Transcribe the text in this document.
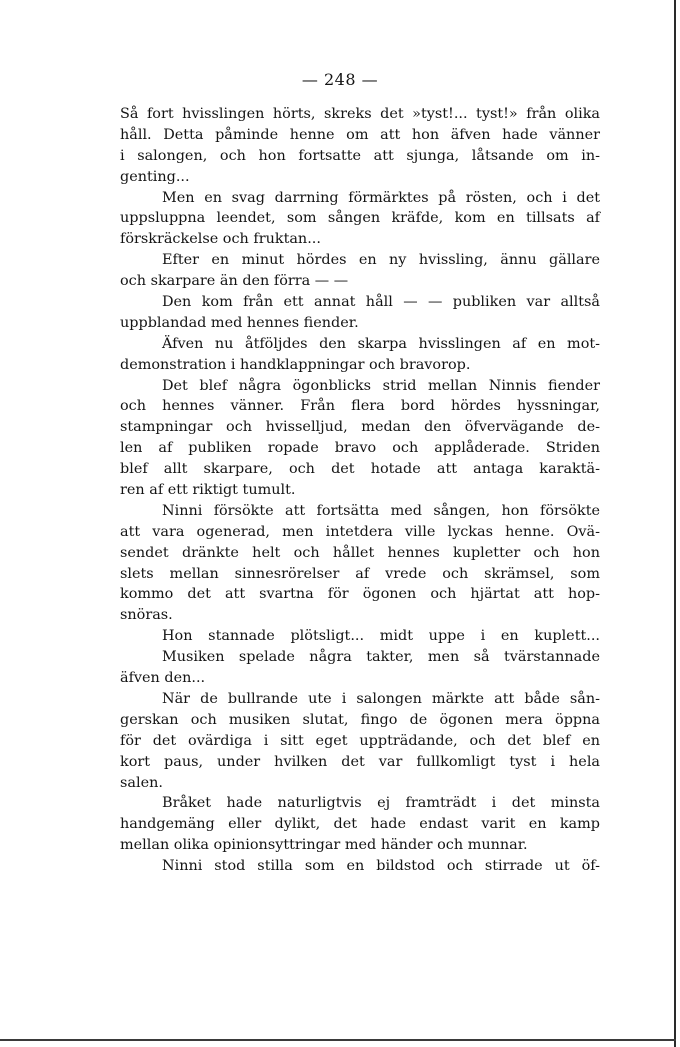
— 248 —
Så fort hvisslingen hörts, skreks det »tyst!... tyst!» från olika
håll. Detta påminde henne om att hon äfven hade vänner
i salongen, och hon fortsatte att sjunga, låtsande om in-
genting...
Men en svag darrning förmärktes på rösten, och i det
uppsluppna leendet, som sången kräfde, kom en tillsats af
förskräckelse och fruktan...
Efter en minut hördes en ny hvissling, ännu gällare
och skarpare än den förra — —
Den kom från ett annat håll — — publiken var alltså
uppblandad med hennes fiender.
Äfven nu åtföljdes den skarpa hvisslingen af en mot-
demonstration i handklappningar och bravorop.
Det blef några ögonblicks strid mellan Ninnis fiender
och hennes vänner. Från flera bord hördes hyssningar,
stampningar och hvisselljud, medan den öfvervägande de-
len af publiken ropade bravo och applåderade. Striden
blef allt skarpare, och det hotade att antaga karaktä-
ren af ett riktigt tumult.
Ninni försökte att fortsätta med sången, hon försökte
att vara ogenerad, men intetdera ville lyckas henne. Ovä-
sendet dränkte helt och hållet hennes kupletter och hon
slets mellan sinnesrörelser af vrede och skrämsel, som
kommo det att svartna för ögonen och hjärtat att hop-
snöras.
Hon stannade plötsligt... midt uppe i en kuplett...
Musiken spelade några takter, men så tvärstannade
äfven den...
När de bullrande ute i salongen märkte att både sån-
gerskan och musiken slutat, fingo de ögonen mera öppna
för det ovärdiga i sitt eget uppträdande, och det blef en
kort paus, under hvilken det var fullkomligt tyst i hela
salen.
Bråket hade naturligtvis ej framträdt i det minsta
handgemäng eller dylikt, det hade endast varit en kamp
mellan olika opinionsyttringar med händer och munnar.
Ninni stod stilla som en bildstod och stirrade ut öf-
